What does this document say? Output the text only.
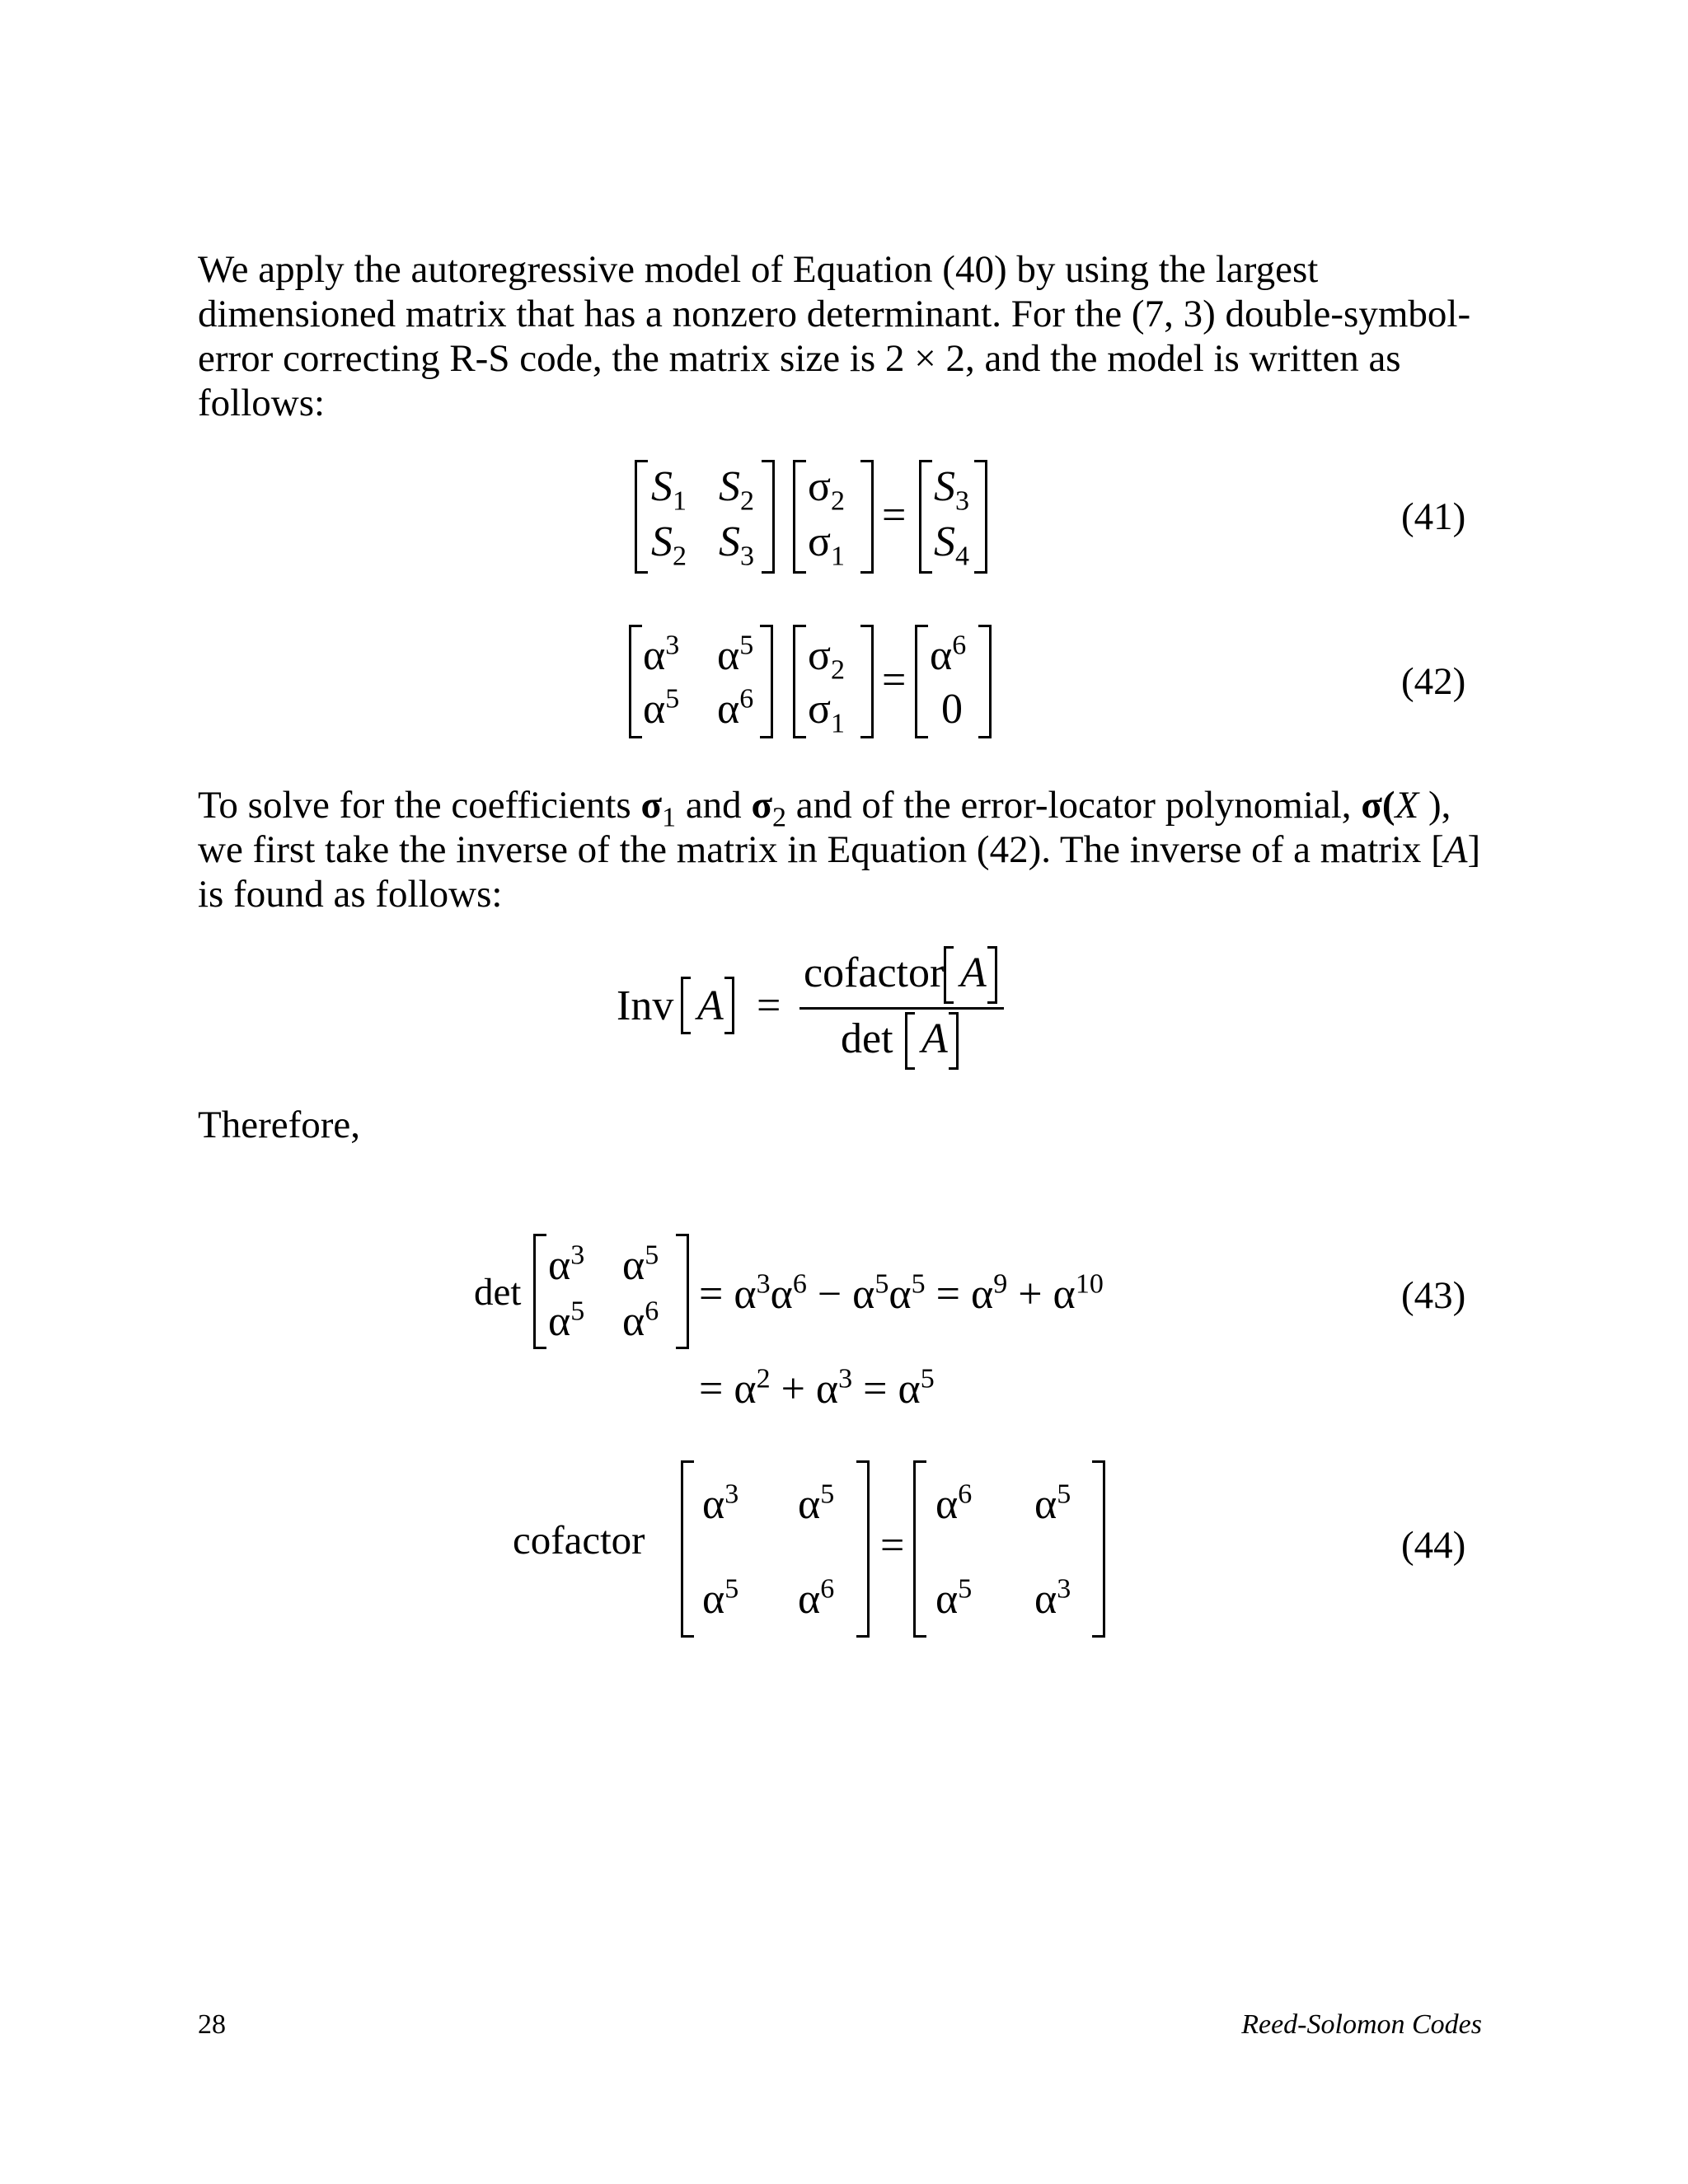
We apply the autoregressive model of Equation (40) by using the largest dimensioned matrix that has a nonzero determinant. For the (7, 3) double-symbol-error correcting R-S code, the matrix size is 2 × 2, and the model is written as follows:

$S_1$ $S_2$
$S_2$ $S_3$
$\sigma_2$
$\sigma_1$
=
$S_3$
$S_4$
(41)
$\alpha^3$ $\alpha^5$
$\alpha^5$ $\alpha^6$
$\sigma_2$
$\sigma_1$
=
$\alpha^6$
0
(42)

To solve for the coefficients $\sigma_1$ and $\sigma_2$ and of the error-locator polynomial, σ(X ), we first take the inverse of the matrix in Equation (42). The inverse of a matrix [A] is found as follows:

Inv A =
cofactor A
det A

Therefore,

det
$\alpha^3$ $\alpha^5$
$\alpha^5$ $\alpha^6 = \alpha^3\alpha^6 - \alpha^5\alpha^5 = \alpha^9 + \alpha^{10}$
= $\alpha^2 + \alpha^3 = \alpha^5$
(43)
cofactor
$\alpha^3$ $\alpha^5$
$\alpha^5$ $\alpha^6$
=
$\alpha^6$ $\alpha^5$
$\alpha^5$ $\alpha^3$
(44)
28	Reed-Solomon Codes
